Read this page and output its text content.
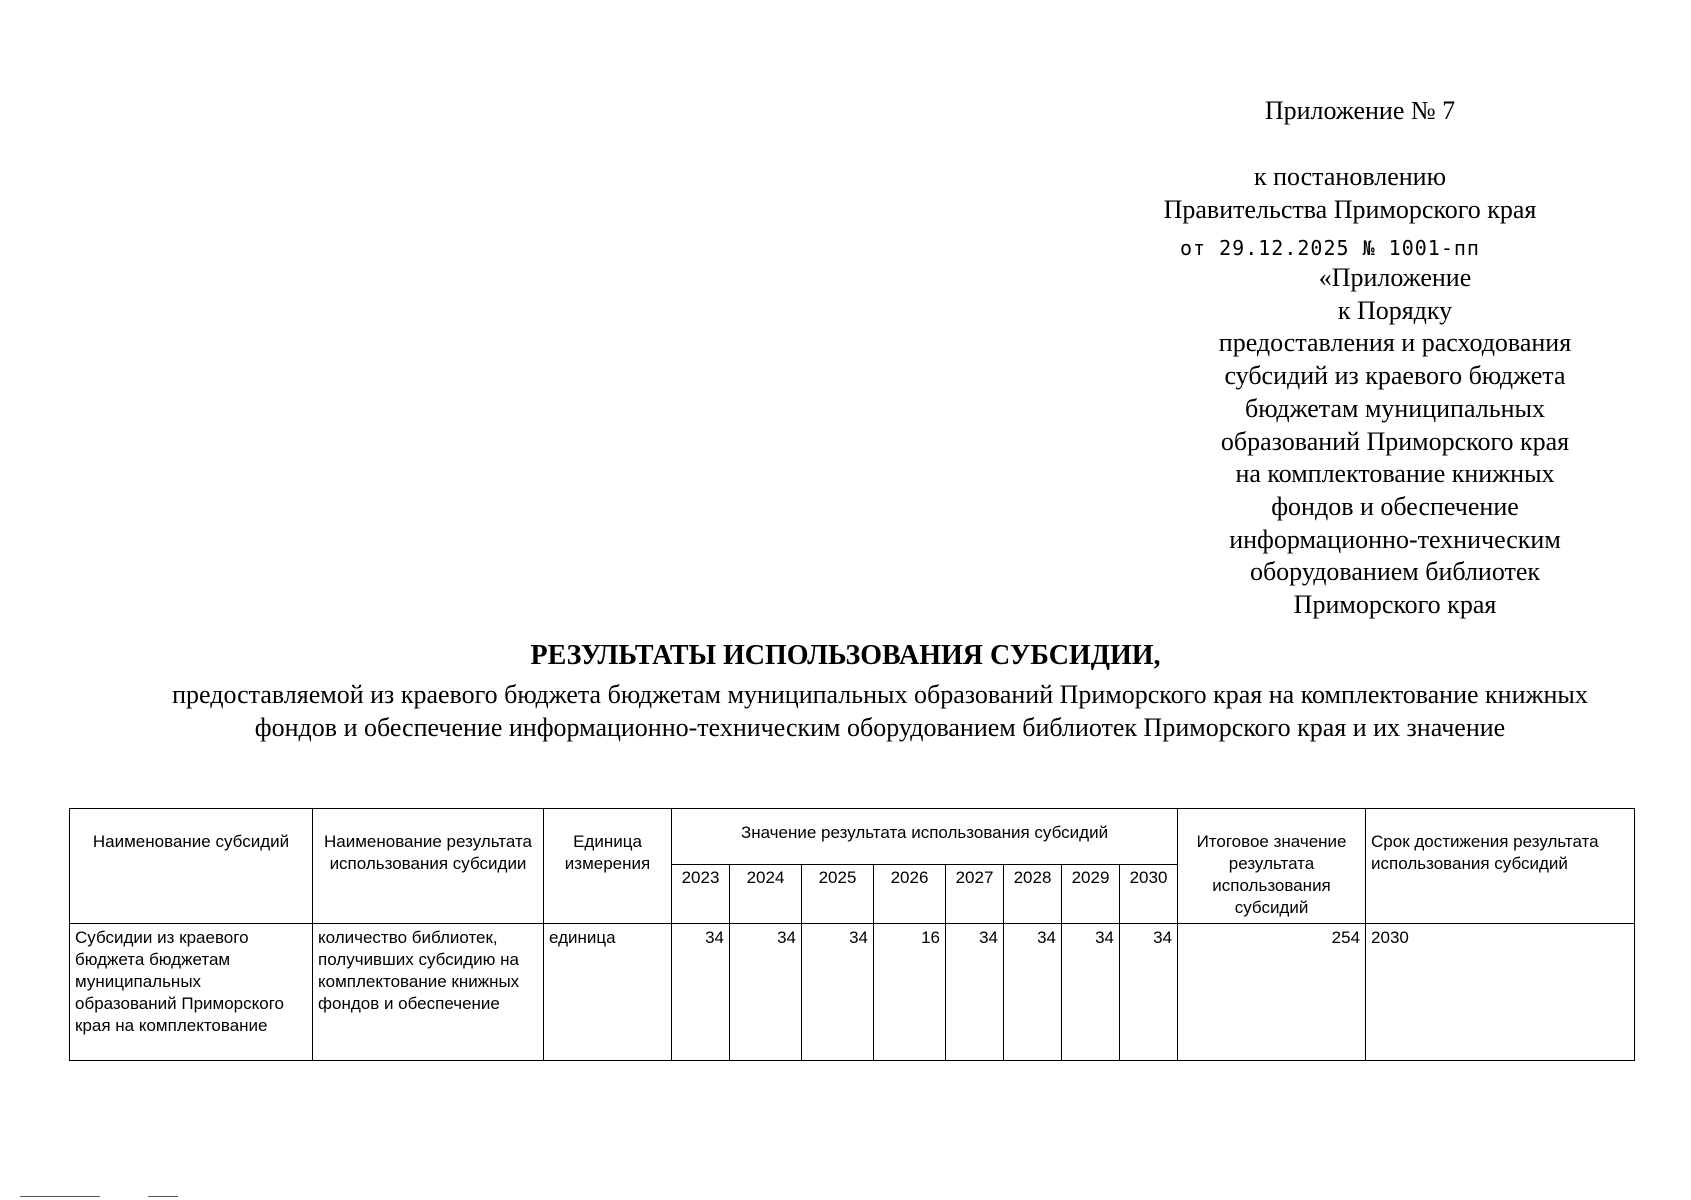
Приложение № 7
к постановлению
Правительства Приморского края
от 29.12.2025 № 1001-пп
«Приложение
к Порядку
предоставления и расходования
субсидий из краевого бюджета
бюджетам муниципальных
образований Приморского края
на комплектование книжных
фондов и обеспечение
информационно-техническим
оборудованием библиотек
Приморского края
РЕЗУЛЬТАТЫ ИСПОЛЬЗОВАНИЯ СУБСИДИИ,
предоставляемой из краевого бюджета бюджетам муниципальных образований Приморского края на комплектование книжных фондов и обеспечение информационно-техническим оборудованием библиотек Приморского края и их значение
Наименование субсидий	Наименование результата использования субсидии	Единица измерения	Значение результата использования субсидий								Итоговое значение результата использования субсидий	Срок достижения результата использования субсидий
			2023	2024	2025	2026	2027	2028	2029	2030		
Субсидии из краевого бюджета бюджетам муниципальных образований Приморского края на комплектование	количество библиотек, получивших субсидию на комплектование книжных фондов и обеспечение	единица	34	34	34	16	34	34	34	34	254	2030
